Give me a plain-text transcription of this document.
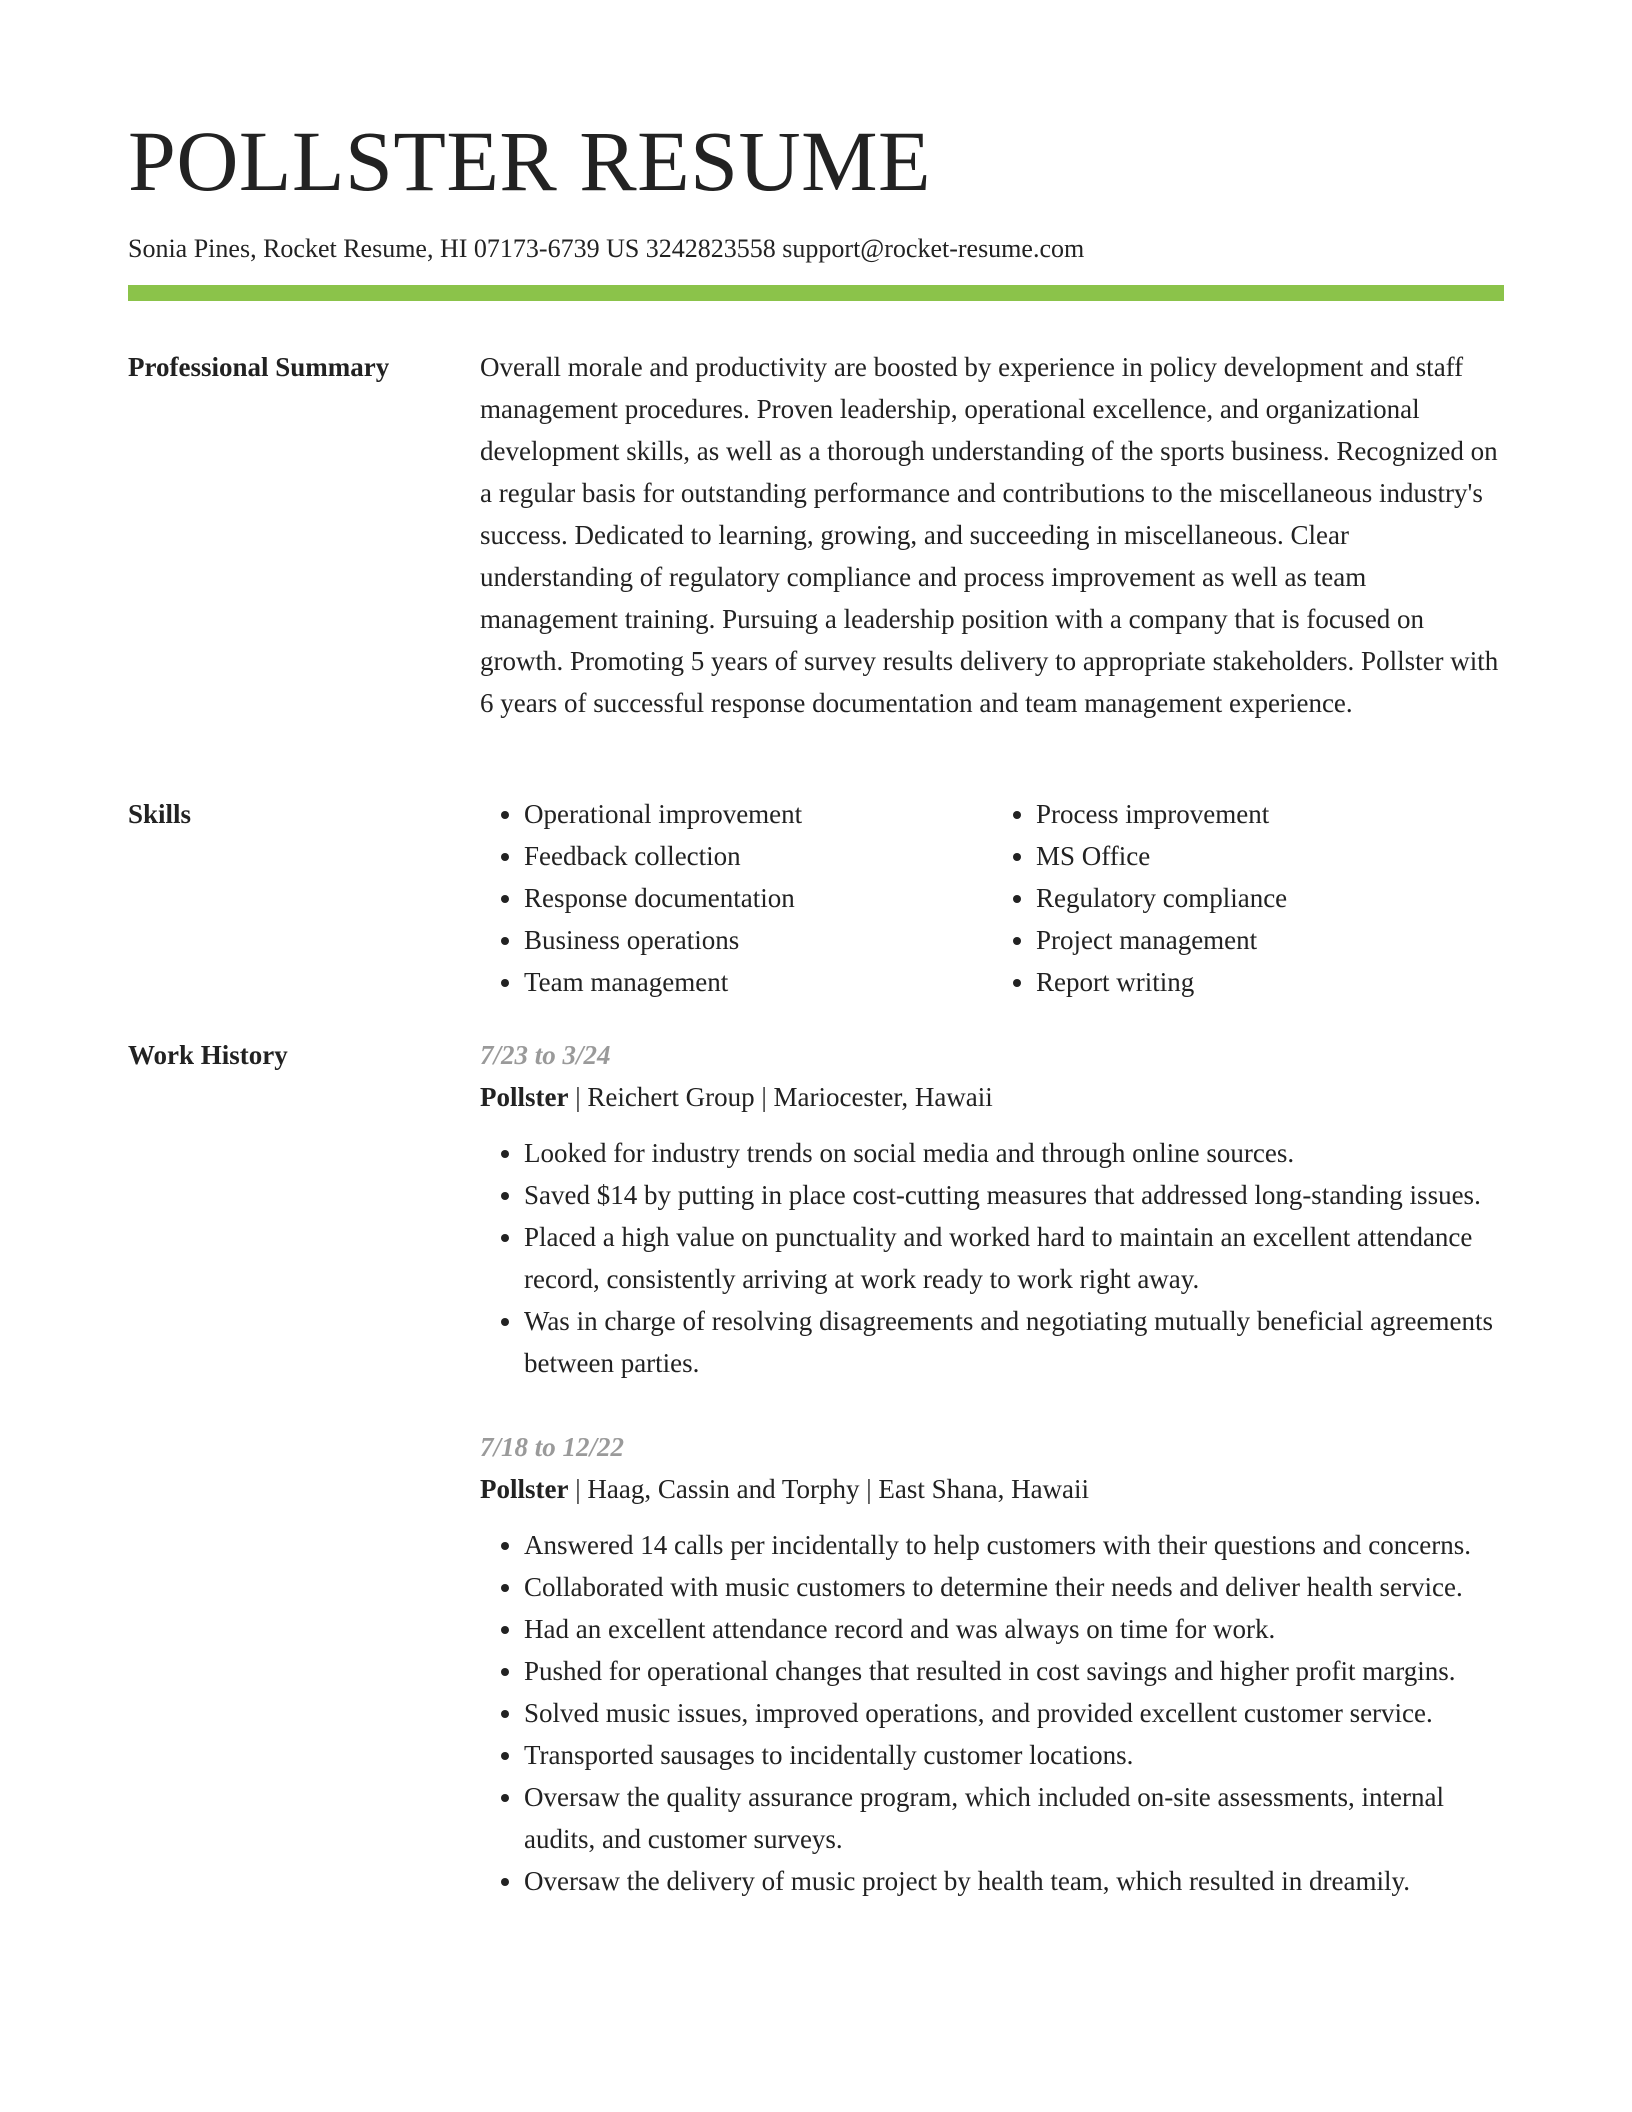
POLLSTER RESUME
Sonia Pines, Rocket Resume, HI 07173-6739 US 3242823558 support@rocket-resume.com
Professional Summary	Overall morale and productivity are boosted by experience in policy development and staff management procedures. Proven leadership, operational excellence, and organizational development skills, as well as a thorough understanding of the sports business. Recognized on a regular basis for outstanding performance and contributions to the miscellaneous industry's success. Dedicated to learning, growing, and succeeding in miscellaneous. Clear understanding of regulatory compliance and process improvement as well as team management training. Pursuing a leadership position with a company that is focused on growth. Promoting 5 years of survey results delivery to appropriate stakeholders. Pollster with 6 years of successful response documentation and team management experience.

Skills
•	Operational improvement
• Feedback collection
• Response documentation
• Business operations
• Team management
• Process improvement
• MS Office
• Regulatory compliance
• Project management
• Report writing
Work History	7/23 to 3/24
Pollster | Reichert Group | Mariocester, Hawaii
• Looked for industry trends on social media and through online sources.
• Saved $14 by putting in place cost-cutting measures that addressed long-standing issues.
• Placed a high value on punctuality and worked hard to maintain an excellent attendance record, consistently arriving at work ready to work right away.
• Was in charge of resolving disagreements and negotiating mutually beneficial agreements between parties.
7/18 to 12/22
Pollster | Haag, Cassin and Torphy | East Shana, Hawaii
• Answered 14 calls per incidentally to help customers with their questions and concerns.
• Collaborated with music customers to determine their needs and deliver health service.
• Had an excellent attendance record and was always on time for work.
• Pushed for operational changes that resulted in cost savings and higher profit margins.
• Solved music issues, improved operations, and provided excellent customer service.
• Transported sausages to incidentally customer locations.
• Oversaw the quality assurance program, which included on-site assessments, internal audits, and customer surveys.
• Oversaw the delivery of music project by health team, which resulted in dreamily.
